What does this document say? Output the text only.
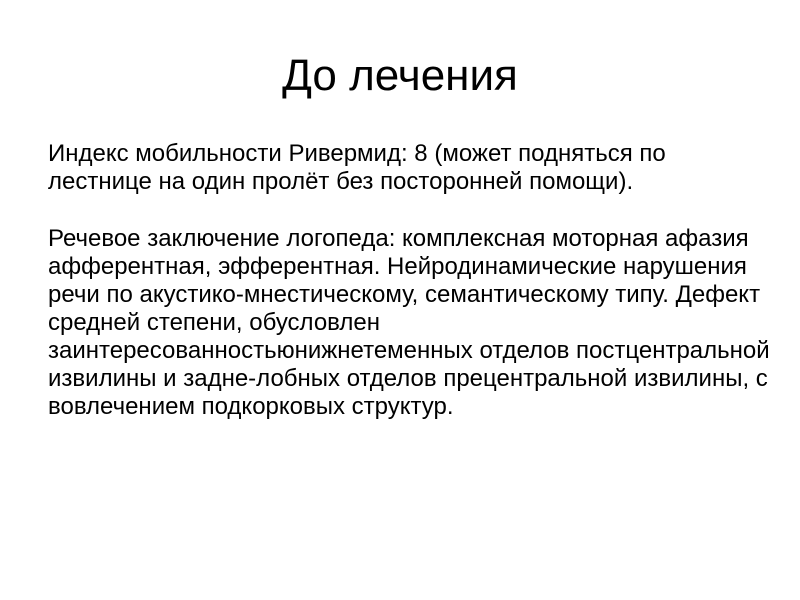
До лечения

Индекс мобильности Ривермид: 8 (может подняться по лестнице на один пролёт без посторонней помощи).

Речевое заключение логопеда: комплексная моторная афазия афферентная, эфферентная. Нейродинамические нарушения речи по акустико-мнестическому, семантическому типу. Дефект средней степени, обусловлен заинтересованностьюнижнетеменных отделов постцентральной извилины и задне-лобных отделов прецентральной извилины, с вовлечением подкорковых структур.
